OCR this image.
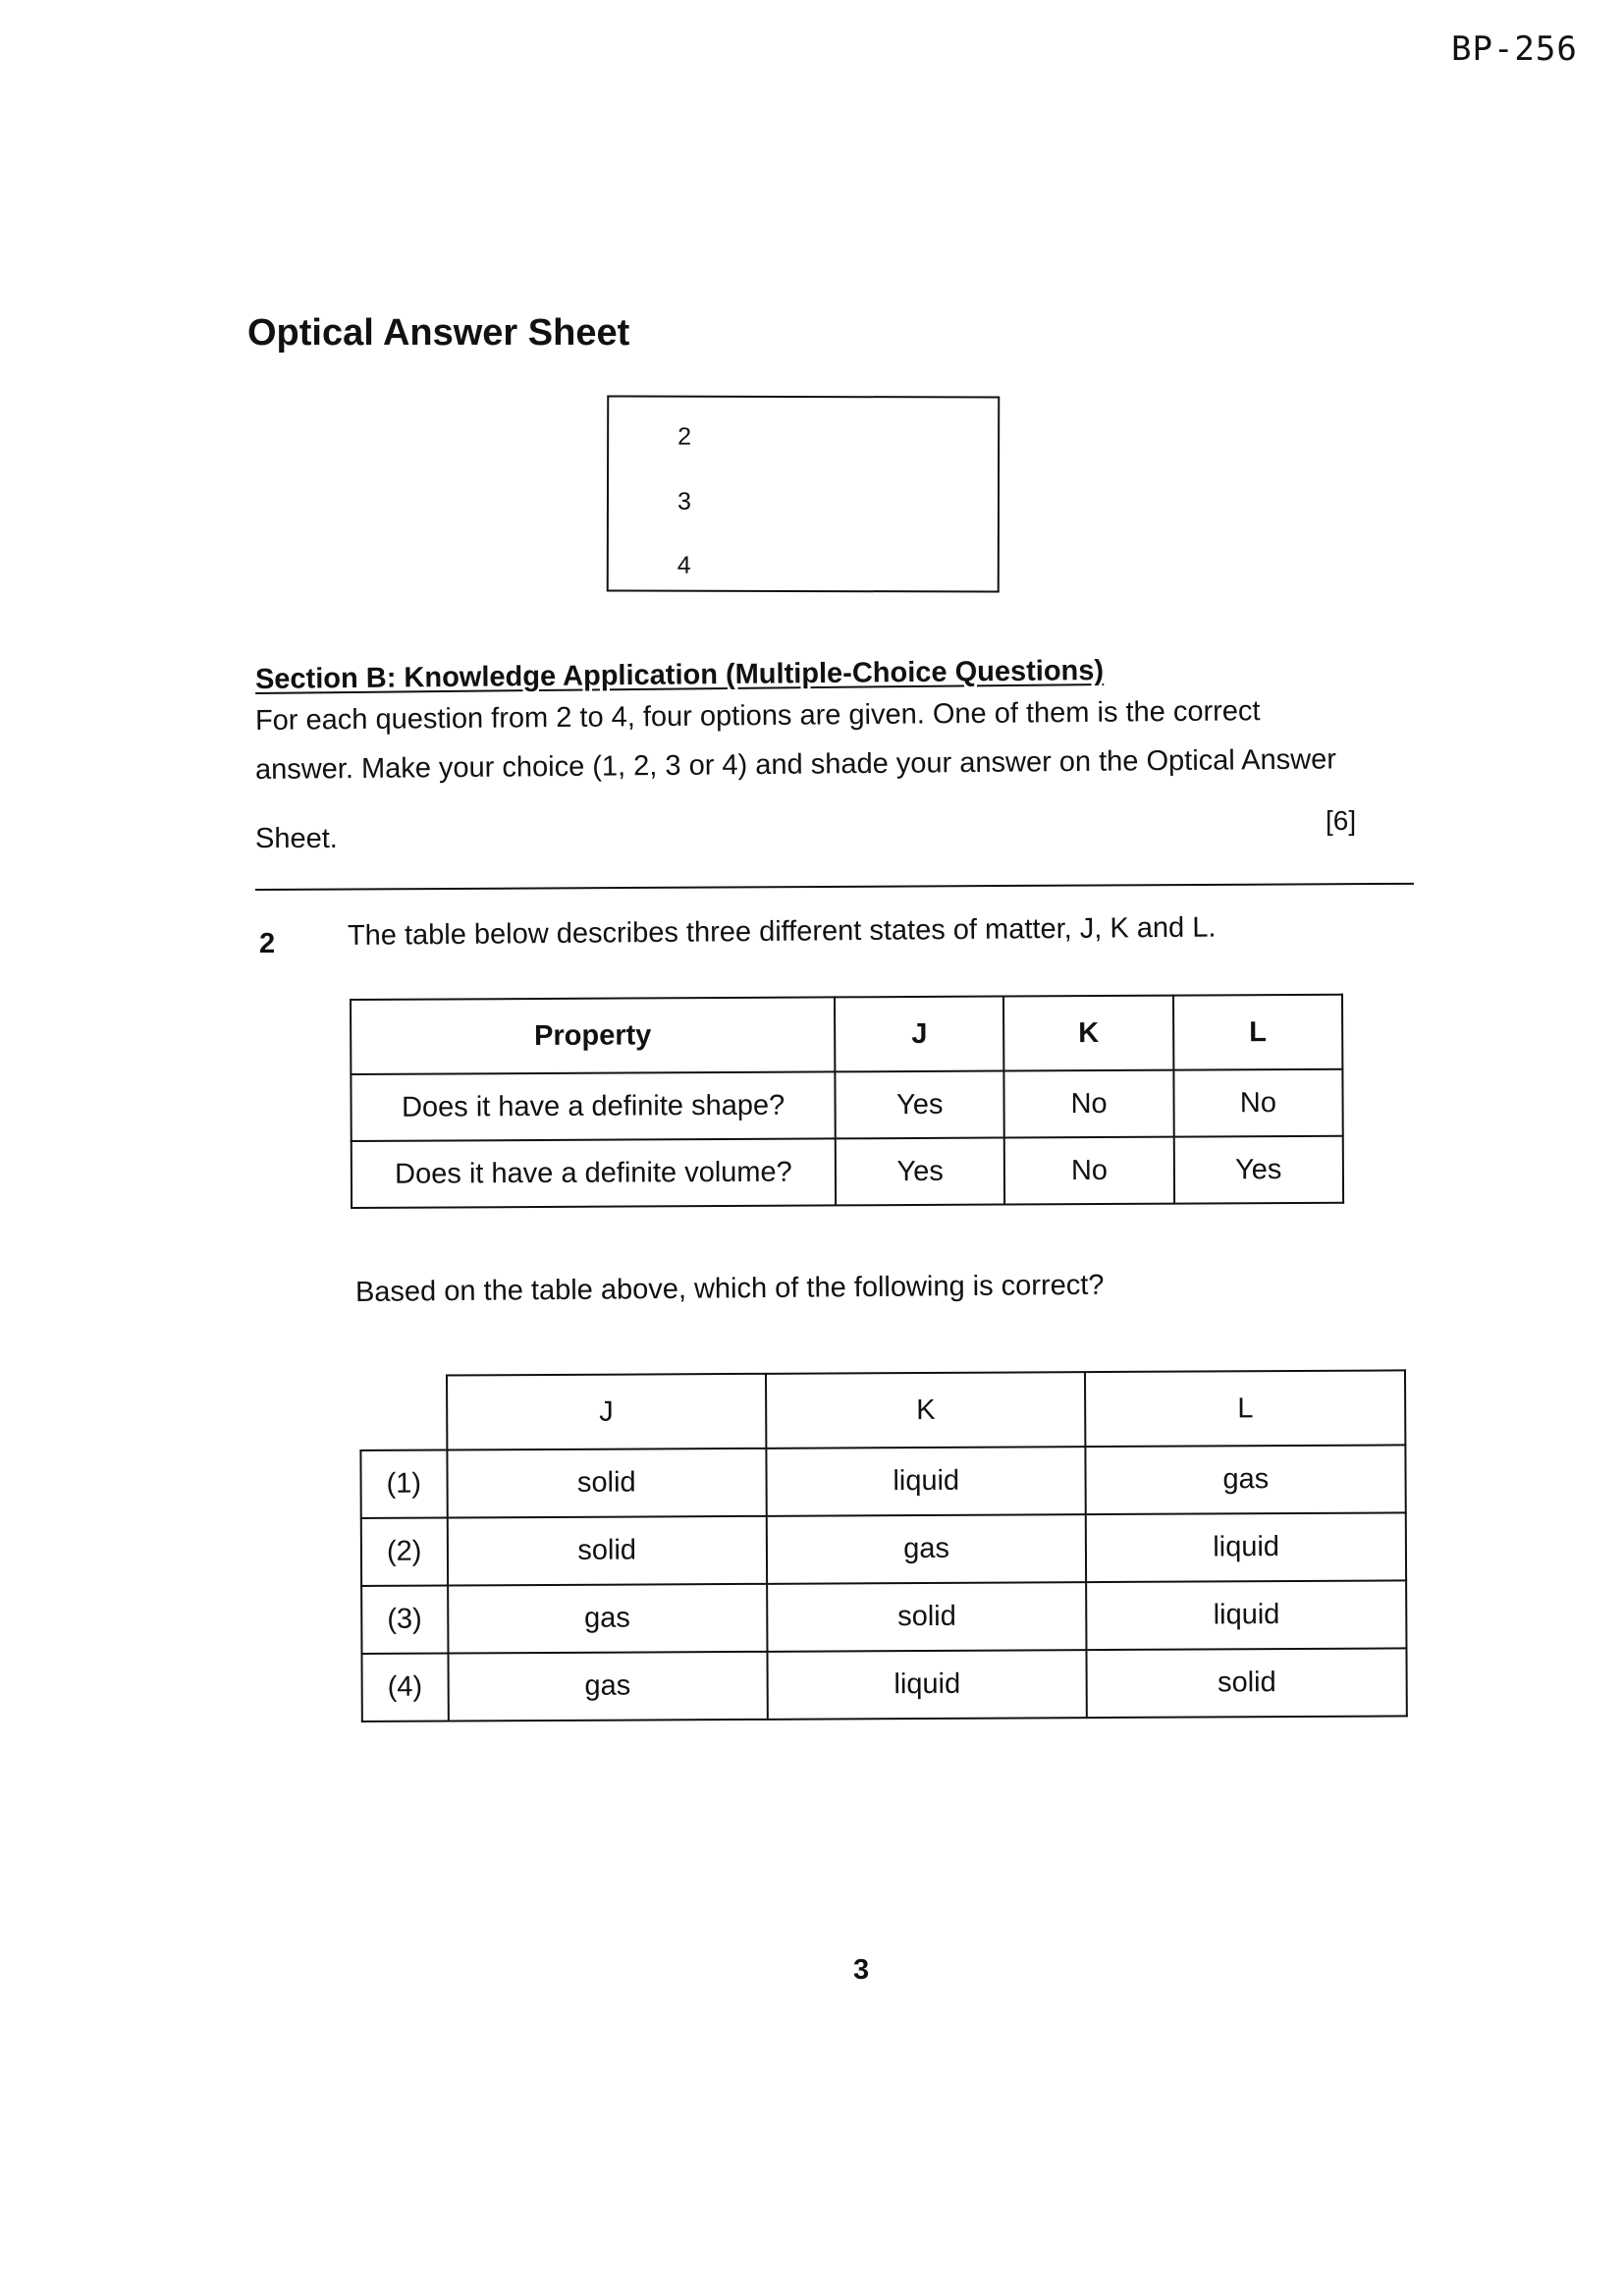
BP-256
Optical Answer Sheet
2
3
4
Section B: Knowledge Application (Multiple-Choice Questions)
For each question from 2 to 4, four options are given. One of them is the correct
answer. Make your choice (1, 2, 3 or 4) and shade your answer on the Optical Answer
Sheet.
[6]
2	The table below describes three different states of matter, J, K and L.
Property	J	K	L
Does it have a definite shape?	Yes	No	No
Does it have a definite volume?	Yes	No	Yes
Based on the table above, which of the following is correct?
	J	K	L
(1)	solid	liquid	gas
(2)	solid	gas	liquid
(3)	gas	solid	liquid
(4)	gas	liquid	solid
3
